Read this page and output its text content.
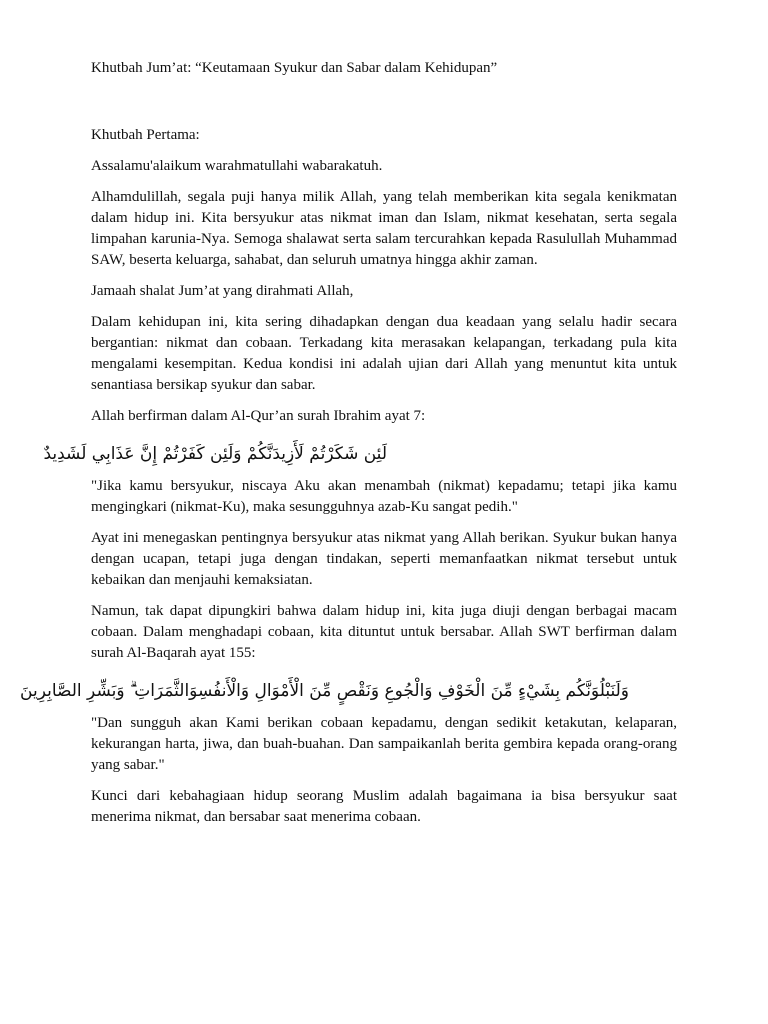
Khutbah Jum’at: “Keutamaan Syukur dan Sabar dalam Kehidupan”

Khutbah Pertama:

Assalamu'alaikum warahmatullahi wabarakatuh.

Alhamdulillah, segala puji hanya milik Allah, yang telah memberikan kita segala kenikmatan dalam hidup ini. Kita bersyukur atas nikmat iman dan Islam, nikmat kesehatan, serta segala limpahan karunia-Nya. Semoga shalawat serta salam tercurahkan kepada Rasulullah Muhammad SAW, beserta keluarga, sahabat, dan seluruh umatnya hingga akhir zaman.

Jamaah shalat Jum’at yang dirahmati Allah,

Dalam kehidupan ini, kita sering dihadapkan dengan dua keadaan yang selalu hadir secara bergantian: nikmat dan cobaan. Terkadang kita merasakan kelapangan, terkadang pula kita mengalami kesempitan. Kedua kondisi ini adalah ujian dari Allah yang menuntut kita untuk senantiasa bersikap syukur dan sabar.

Allah berfirman dalam Al-Qur’an surah Ibrahim ayat 7:

لَئِن شَكَرْتُمْ لَأَزِيدَنَّكُمْ وَلَئِن كَفَرْتُمْ إِنَّ عَذَابِي لَشَدِيدٌ

"Jika kamu bersyukur, niscaya Aku akan menambah (nikmat) kepadamu; tetapi jika kamu mengingkari (nikmat-Ku), maka sesungguhnya azab-Ku sangat pedih."

Ayat ini menegaskan pentingnya bersyukur atas nikmat yang Allah berikan. Syukur bukan hanya dengan ucapan, tetapi juga dengan tindakan, seperti memanfaatkan nikmat tersebut untuk kebaikan dan menjauhi kemaksiatan.

Namun, tak dapat dipungkiri bahwa dalam hidup ini, kita juga diuji dengan berbagai macam cobaan. Dalam menghadapi cobaan, kita dituntut untuk bersabar. Allah SWT berfirman dalam surah Al-Baqarah ayat 155:

وَلَنَبْلُوَنَّكُم بِشَيْءٍ مِّنَ الْخَوْفِ وَالْجُوعِ وَنَقْصٍ مِّنَ الْأَمْوَالِ وَالْأَنفُسِوَالثَّمَرَاتِ ۗ وَبَشِّرِ الصَّابِرِينَ

"Dan sungguh akan Kami berikan cobaan kepadamu, dengan sedikit ketakutan, kelaparan, kekurangan harta, jiwa, dan buah-buahan. Dan sampaikanlah berita gembira kepada orang-orang yang sabar."

Kunci dari kebahagiaan hidup seorang Muslim adalah bagaimana ia bisa bersyukur saat menerima nikmat, dan bersabar saat menerima cobaan.
